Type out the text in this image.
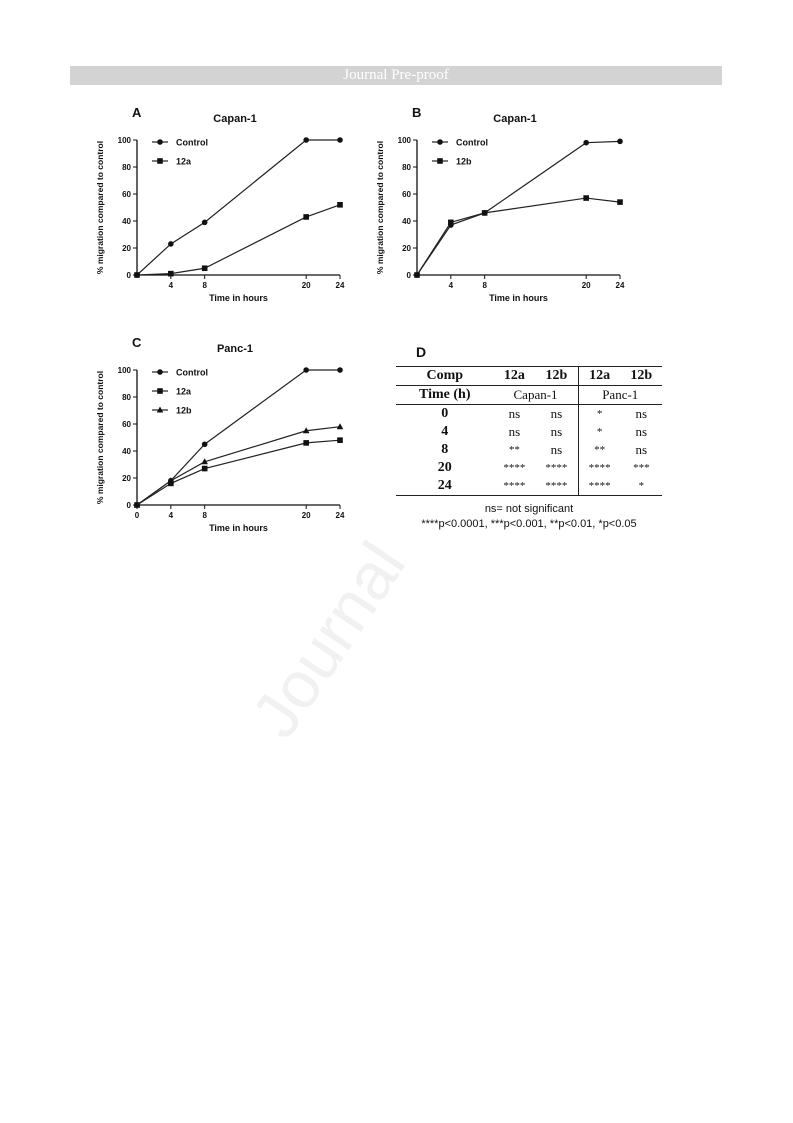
Journal Pre-proof
Journal
A	Capan-1
0
20
40
60
80
100
4	8	20	24
Time in hours
% migration compared to control	Control
12a
B	Capan-1
0
20
40
60
80
100
4	8	20	24
Time in hours
% migration compared to control	Control
12b
C	Panc-1
0
20
40
60
80
100
0	4	8	20	24
Time in hours
% migration compared to control	Control
12a
12b
D
Comp	12a	12b	12a	12b
Time (h)	Capan-1		Panc-1	
0	ns	ns	*	ns
4	ns	ns	*	ns
8	**	ns	**	ns
20	****	****	****	***
24	****	****	****	*
ns= not significant
****p<0.0001, ***p<0.001, **p<0.01, *p<0.05
